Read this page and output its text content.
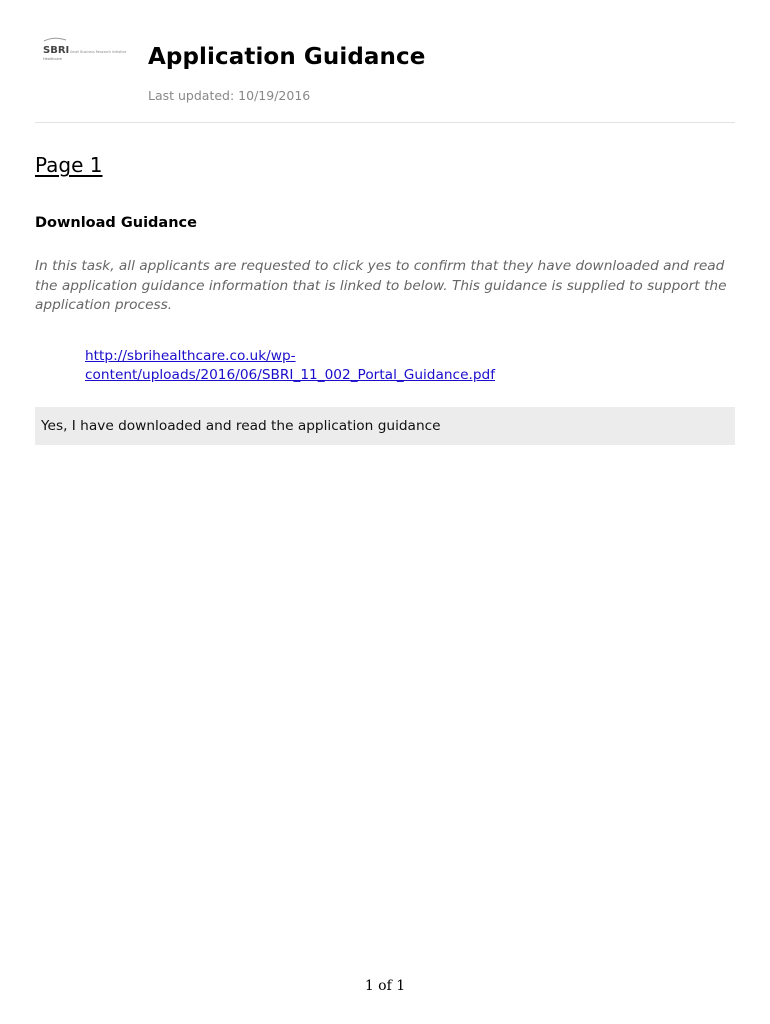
SBRI
Healthcare
Small Business Research Initiative Application Guidance
Last updated: 10/19/2016
Page 1
Download Guidance

In this task, all applicants are requested to click yes to confirm that they have downloaded and read the application guidance information that is linked to below. This guidance is supplied to support the application process.

http://sbrihealthcare.co.uk/wp-
content/uploads/2016/06/SBRI_11_002_Portal_Guidance.pdf
Yes, I have downloaded and read the application guidance
1 of 1
